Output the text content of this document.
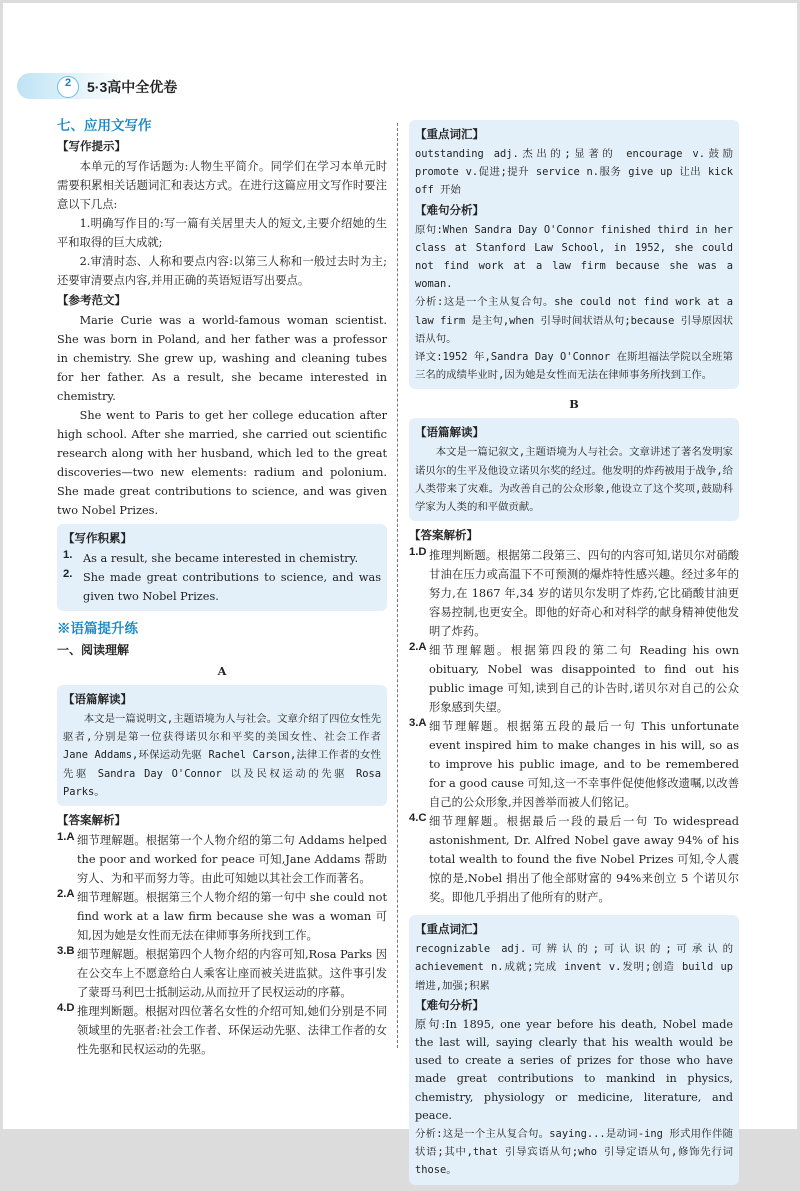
2	5·3高中全优卷
七、应用文写作
【写作提示】

本单元的写作话题为:人物生平简介。同学们在学习本单元时需要积累相关话题词汇和表达方式。在进行这篇应用文写作时要注意以下几点:

1.明确写作目的:写一篇有关居里夫人的短文,主要介绍她的生平和取得的巨大成就;

2.审清时态、人称和要点内容:以第三人称和一般过去时为主;还要审清要点内容,并用正确的英语短语写出要点。

【参考范文】

Marie Curie was a world-famous woman scientist. She was born in Poland, and her father was a professor in chemistry. She grew up, washing and cleaning tubes for her father. As a result, she became interested in chemistry.

She went to Paris to get her college education after high school. After she married, she carried out scientific research along with her husband, which led to the great discoveries—two new elements: radium and polonium. She made great contributions to science, and was given two Nobel Prizes.

【写作积累】
1. As a result, she became interested in chemistry.
2. She made great contributions to science, and was given two Nobel Prizes.
※语篇提升练
一、阅读理解
A
【语篇解读】

本文是一篇说明文,主题语境为人与社会。文章介绍了四位女性先驱者,分别是第一位获得诺贝尔和平奖的美国女性、社会工作者 Jane Addams,环保运动先驱 Rachel Carson,法律工作者的女性先驱 Sandra Day O'Connor 以及民权运动的先驱 Rosa Parks。

【答案解析】
1.A 细节理解题。根据第一个人物介绍的第二句 Addams helped the poor and worked for peace 可知,Jane Addams 帮助穷人、为和平而努力等。由此可知她以其社会工作而著名。
2.A 细节理解题。根据第三个人物介绍的第一句中 she could not find work at a law firm because she was a woman 可知,因为她是女性而无法在律师事务所找到工作。
3.B 细节理解题。根据第四个人物介绍的内容可知,Rosa Parks 因在公交车上不愿意给白人乘客让座而被关进监狱。这件事引发了蒙哥马利巴士抵制运动,从而拉开了民权运动的序幕。
4.D 推理判断题。根据对四位著名女性的介绍可知,她们分别是不同领域里的先驱者:社会工作者、环保运动先驱、法律工作者的女性先驱和民权运动的先驱。
【重点词汇】

outstanding adj.杰出的;显著的 encourage v.鼓励 promote v.促进;提升 service n.服务 give up 让出 kick off 开始

【难句分析】

原句:When Sandra Day O'Connor finished third in her class at Stanford Law School, in 1952, she could not find work at a law firm because she was a woman.

分析:这是一个主从复合句。she could not find work at a law firm 是主句,when 引导时间状语从句;because 引导原因状语从句。

译文:1952 年,Sandra Day O'Connor 在斯坦福法学院以全班第三名的成绩毕业时,因为她是女性而无法在律师事务所找到工作。

B
【语篇解读】

本文是一篇记叙文,主题语境为人与社会。文章讲述了著名发明家诺贝尔的生平及他设立诺贝尔奖的经过。他发明的炸药被用于战争,给人类带来了灾难。为改善自己的公众形象,他设立了这个奖项,鼓励科学家为人类的和平做贡献。

【答案解析】
1.D 推理判断题。根据第二段第三、四句的内容可知,诺贝尔对硝酸甘油在压力或高温下不可预测的爆炸特性感兴趣。经过多年的努力,在 1867 年,34 岁的诺贝尔发明了炸药,它比硝酸甘油更容易控制,也更安全。即他的好奇心和对科学的献身精神使他发明了炸药。
2.A 细节理解题。根据第四段的第二句 Reading his own obituary, Nobel was disappointed to find out his public image 可知,读到自己的讣告时,诺贝尔对自己的公众形象感到失望。
3.A 细节理解题。根据第五段的最后一句 This unfortunate event inspired him to make changes in his will, so as to improve his public image, and to be remembered for a good cause 可知,这一不幸事件促使他修改遗嘱,以改善自己的公众形象,并因善举而被人们铭记。
4.C 细节理解题。根据最后一段的最后一句 To widespread astonishment, Dr. Alfred Nobel gave away 94% of his total wealth to found the five Nobel Prizes 可知,令人震惊的是,Nobel 捐出了他全部财富的 94%来创立 5 个诺贝尔奖。即他几乎捐出了他所有的财产。
【重点词汇】

recognizable adj.可辨认的;可认识的;可承认的 achievement n.成就;完成 invent v.发明;创造 build up 增进,加强;积累

【难句分析】

原句:In 1895, one year before his death, Nobel made the last will, saying clearly that his wealth would be used to create a series of prizes for those who have made great contributions to mankind in physics, chemistry, physiology or medicine, literature, and peace.

分析:这是一个主从复合句。saying...是动词-ing 形式用作伴随状语;其中,that 引导宾语从句;who 引导定语从句,修饰先行词 those。
